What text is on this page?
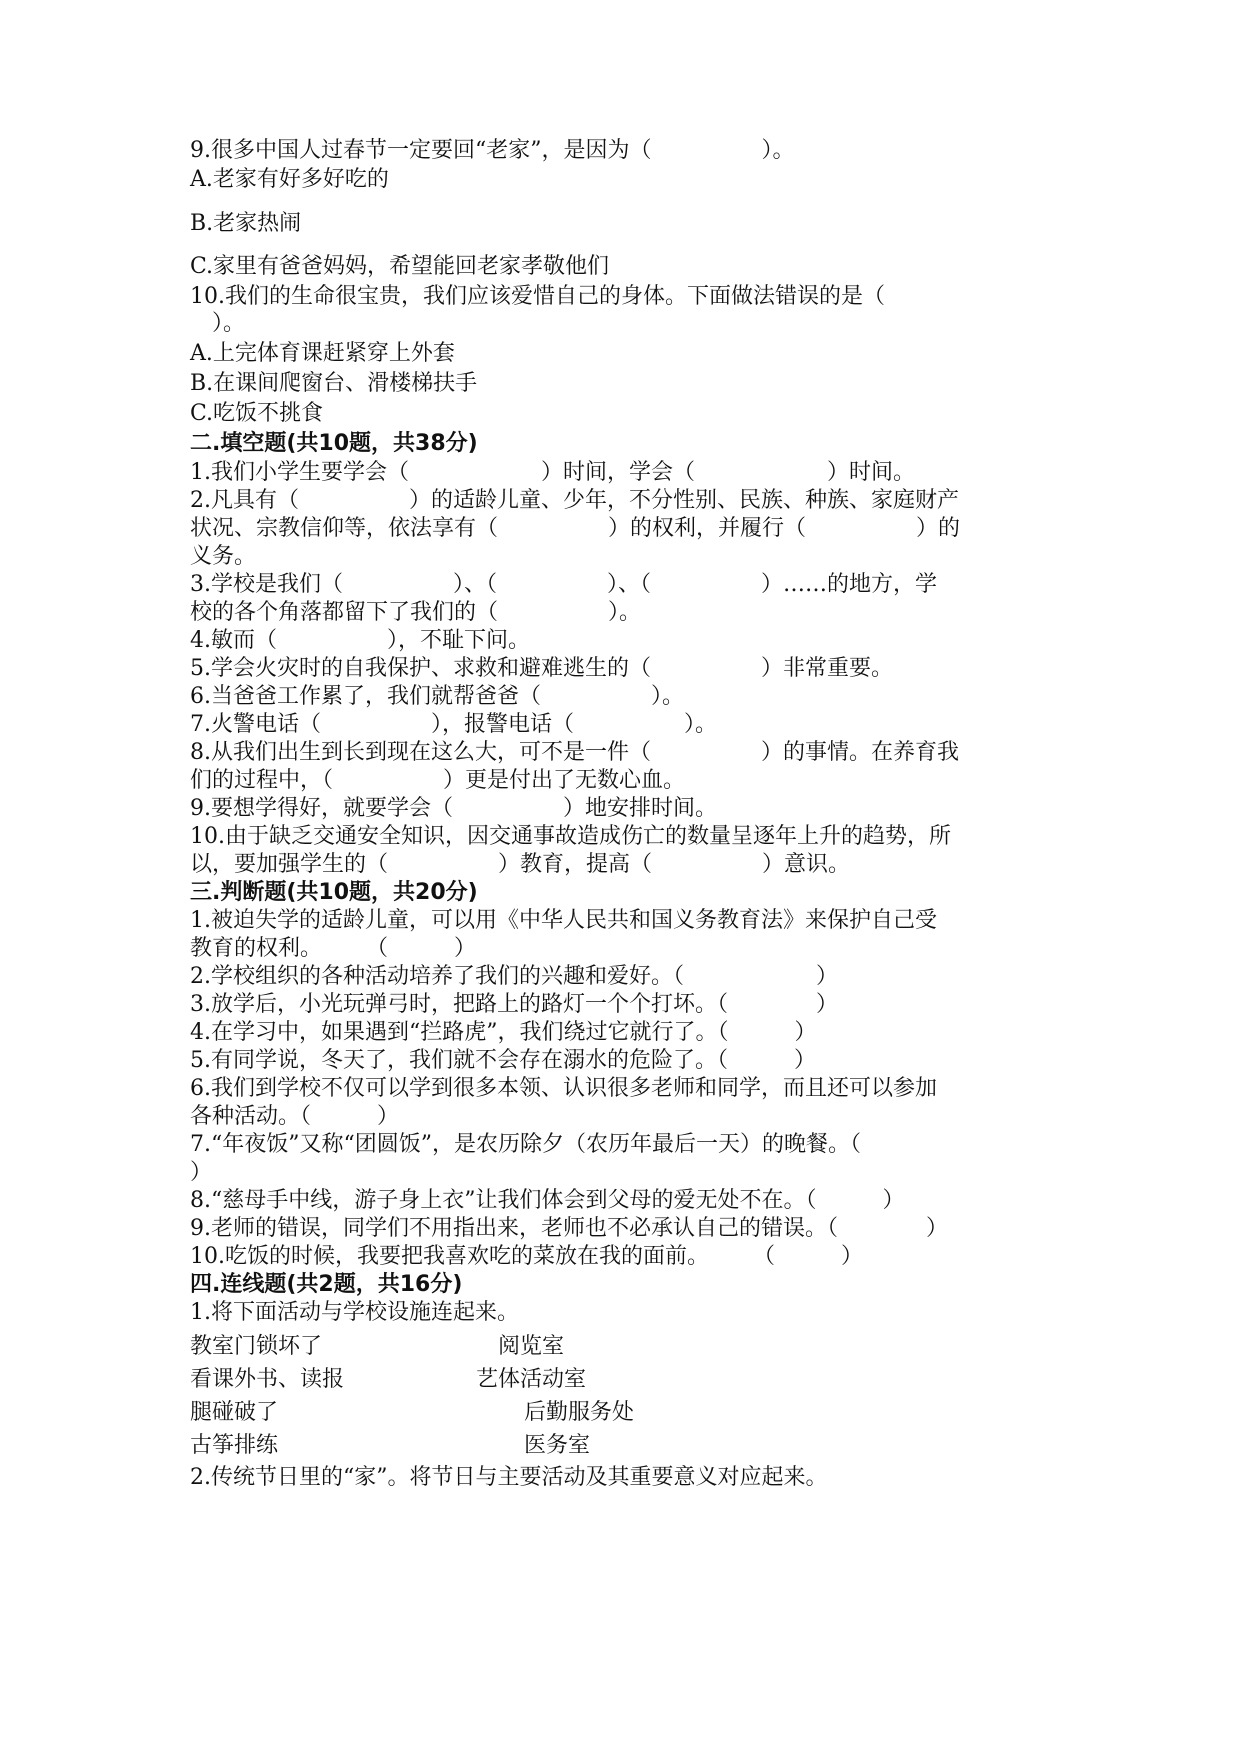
9.很多中国人过春节一定要回“老家”，是因为（　　　　　）。
A.老家有好多好吃的
B.老家热闹
C.家里有爸爸妈妈，希望能回老家孝敬他们
10.我们的生命很宝贵，我们应该爱惜自己的身体。下面做法错误的是（
　）。
A.上完体育课赶紧穿上外套
B.在课间爬窗台、滑楼梯扶手
C.吃饭不挑食
二.填空题(共10题，共38分)
1.我们小学生要学会（　　　　　　）时间，学会（　　　　　　）时间。
2.凡具有（　　　　　）的适龄儿童、少年，不分性别、民族、种族、家庭财产
状况、宗教信仰等，依法享有（　　　　　）的权利，并履行（　　　　　）的
义务。
3.学校是我们（　　　　　）、（　　　　　）、（　　　　　）……的地方，学
校的各个角落都留下了我们的（　　　　　）。
4.敏而（　　　　　），不耻下问。
5.学会火灾时的自我保护、求救和避难逃生的（　　　　　）非常重要。
6.当爸爸工作累了，我们就帮爸爸（　　　　　）。
7.火警电话（　　　　　），报警电话（　　　　　）。
8.从我们出生到长到现在这么大，可不是一件（　　　　　）的事情。在养育我
们的过程中，（　　　　　）更是付出了无数心血。
9.要想学得好，就要学会（　　　　　）地安排时间。
10.由于缺乏交通安全知识，因交通事故造成伤亡的数量呈逐年上升的趋势，所
以，要加强学生的（　　　　　）教育，提高（　　　　　）意识。
三.判断题(共10题，共20分)
1.被迫失学的适龄儿童，可以用《中华人民共和国义务教育法》来保护自己受
教育的权利。　　　（　　　）
2.学校组织的各种活动培养了我们的兴趣和爱好。（　　　　　　）
3.放学后，小光玩弹弓时，把路上的路灯一个个打坏。（　　　　）
4.在学习中，如果遇到“拦路虎”，我们绕过它就行了。（　　　）
5.有同学说，冬天了，我们就不会存在溺水的危险了。（　　　）
6.我们到学校不仅可以学到很多本领、认识很多老师和同学，而且还可以参加
各种活动。（　　　）
7.“年夜饭”又称“团圆饭”，是农历除夕（农历年最后一天）的晚餐。（
）
8.“慈母手中线，游子身上衣”让我们体会到父母的爱无处不在。（　　　）
9.老师的错误，同学们不用指出来，老师也不必承认自己的错误。（　　　　）
10.吃饭的时候，我要把我喜欢吃的菜放在我的面前。　　　（　　　）
四.连线题(共2题，共16分)
1.将下面活动与学校设施连起来。
教室门锁坏了	阅览室
看课外书、读报	艺体活动室
腿碰破了	后勤服务处
古筝排练	医务室
2.传统节日里的“家”。将节日与主要活动及其重要意义对应起来。
